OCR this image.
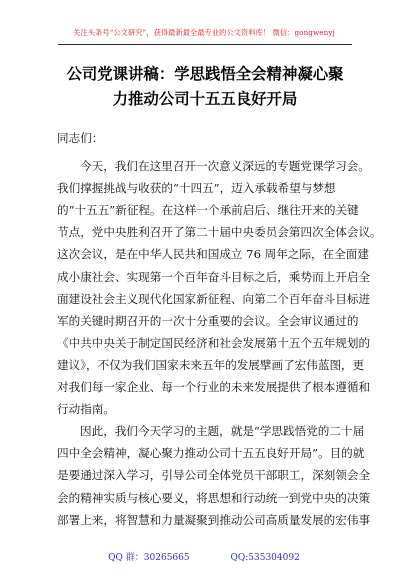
关注头条号“公文研究”，获得最新最全最专业的公文资料库！ 微信：gongwenyj
公司党课讲稿：学思践悟全会精神凝心聚
力推动公司十五五良好开局
同志们：
今天，我们在这里召开一次意义深远的专题党课学习会。
我们撑握挑战与收获的“十四五”，迈入承载希望与梦想
的“十五五”新征程。在这样一个承前启后、继往开来的关键
节点，党中央胜利召开了第二十届中央委员会第四次全体会议。
这次会议，是在中华人民共和国成立 76 周年之际，在全面建
成小康社会、实现第一个百年奋斗目标之后，乘势而上开启全
面建设社会主义现代化国家新征程、向第二个百年奋斗目标进
军的关键时期召开的一次十分重要的会议。全会审议通过的
《中共中央关于制定国民经济和社会发展第十五个五年规划的
建议》，不仅为我们国家未来五年的发展擘画了宏伟蓝图，更
对我们每一家企业、每一个行业的未来发展提供了根本遵循和
行动指南。
因此，我们今天学习的主题，就是“学思践悟党的二十届
四中全会精神，凝心聚力推动公司十五五良好开局”。目的就
是要通过深入学习，引导公司全体党员干部职工，深刻领会全
会的精神实质与核心要义，将思想和行动统一到党中央的决策
部署上来，将智慧和力量凝聚到推动公司高质量发展的宏伟事
QQ 群：30265665	QQ:535304092
